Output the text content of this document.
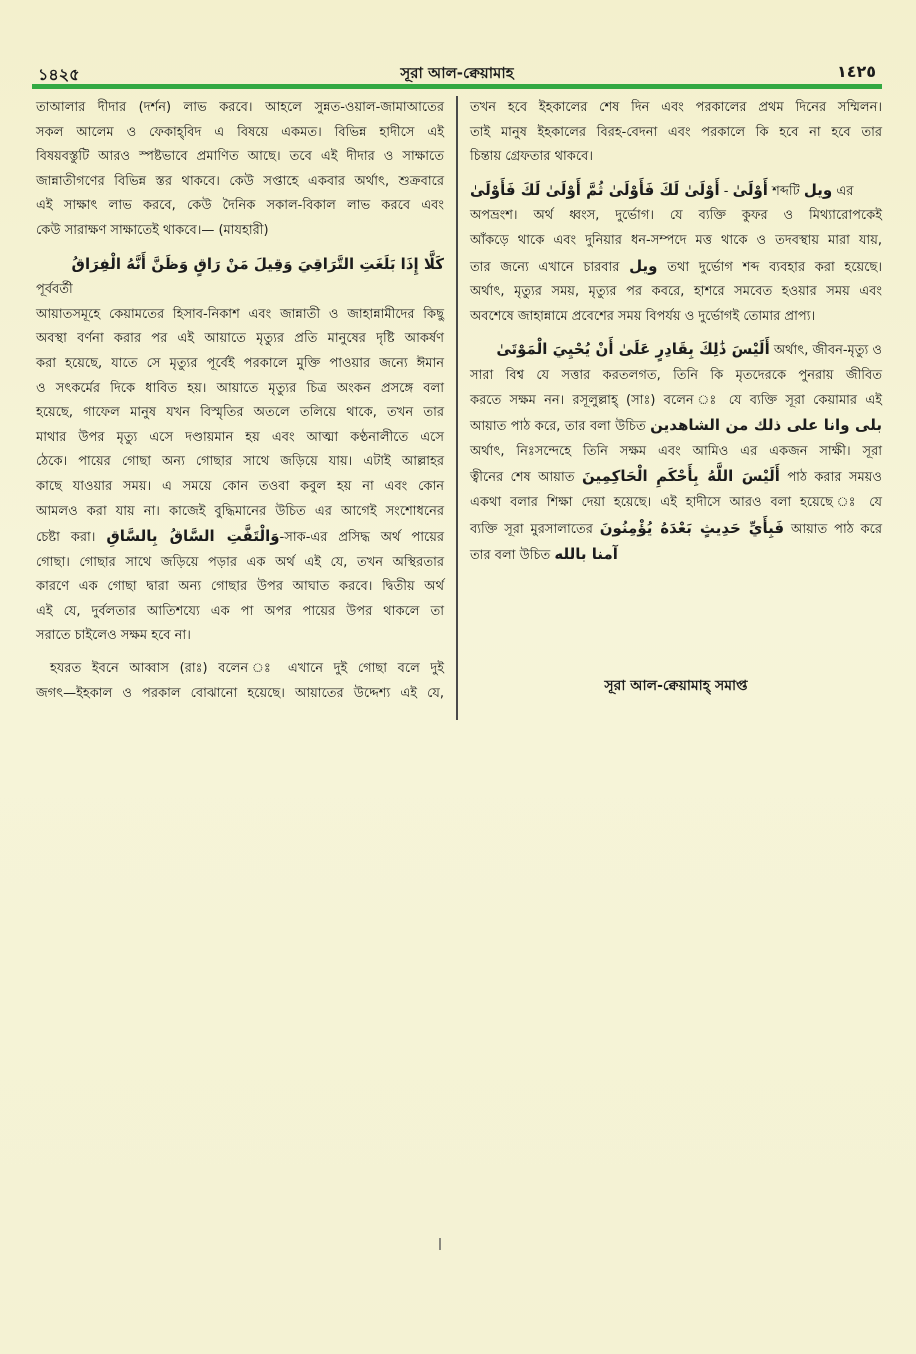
১৪২৫	সূরা আল-ক্বেয়ামাহ	١٤٢٥

তাআলার দীদার (দর্শন) লাভ করবে। আহলে সুন্নত-ওয়াল-জামাআতের

সকল আলেম ও ফেকাহ্‌বিদ এ বিষয়ে একমত। বিভিন্ন হাদীসে এই

বিষয়বস্তুটি আরও স্পষ্টভাবে প্রমাণিত আছে। তবে এই দীদার ও সাক্ষাতে

জান্নাতীগণের বিভিন্ন স্তর থাকবে। কেউ সপ্তাহে একবার অর্থাৎ, শুক্রবারে

এই সাক্ষাৎ লাভ করবে, কেউ দৈনিক সকাল-বিকাল লাভ করবে এবং

কেউ সারাক্ষণ সাক্ষাতেই থাকবে।— (মাযহারী)

كَلَّا إِذَا بَلَغَتِ التَّرَاقِيَ وَقِيلَ مَنْ رَاقٍ وَظَنَّ أَنَّهُ الْفِرَاقُ পূর্ববর্তী

আয়াতসমূহে কেয়ামতের হিসাব-নিকাশ এবং জান্নাতী ও জাহান্নামীদের কিছু

অবস্থা বর্ণনা করার পর এই আয়াতে মৃত্যুর প্রতি মানুষের দৃষ্টি আকর্ষণ

করা হয়েছে, যাতে সে মৃত্যুর পূর্বেই পরকালে মুক্তি পাওয়ার জন্যে ঈমান

ও সৎকর্মের দিকে ধাবিত হয়। আয়াতে মৃত্যুর চিত্র অংকন প্রসঙ্গে বলা

হয়েছে, গাফেল মানুষ যখন বিস্মৃতির অতলে তলিয়ে থাকে, তখন তার

মাথার উপর মৃত্যু এসে দণ্ডায়মান হয় এবং আত্মা কণ্ঠনালীতে এসে

ঠেকে। পায়ের গোছা অন্য গোছার সাথে জড়িয়ে যায়। এটাই আল্লাহর

কাছে যাওয়ার সময়। এ সময়ে কোন তওবা কবুল হয় না এবং কোন

আমলও করা যায় না। কাজেই বুদ্ধিমানের উচিত এর আগেই সংশোধনের

চেষ্টা করা। وَالْتَفَّتِ السَّاقُ بِالسَّاقِ-সাক-এর প্রসিদ্ধ অর্থ পায়ের

গোছা। গোছার সাথে জড়িয়ে পড়ার এক অর্থ এই যে, তখন অস্থিরতার

কারণে এক গোছা দ্বারা অন্য গোছার উপর আঘাত করবে। দ্বিতীয় অর্থ

এই যে, দুর্বলতার আতিশয্যে এক পা অপর পায়ের উপর থাকলে তা

সরাতে চাইলেও সক্ষম হবে না।

হযরত ইবনে আব্বাস (রাঃ) বলেন ঃ এখানে দুই গোছা বলে দুই

জগৎ—ইহকাল ও পরকাল বোঝানো হয়েছে। আয়াতের উদ্দেশ্য এই যে,

তখন হবে ইহকালের শেষ দিন এবং পরকালের প্রথম দিনের সম্মিলন।

তাই মানুষ ইহকালের বিরহ-বেদনা এবং পরকালে কি হবে না হবে তার

চিন্তায় গ্রেফতার থাকবে।

أَوْلَىٰ لَكَ فَأَوْلَىٰ ثُمَّ أَوْلَىٰ لَكَ فَأَوْلَىٰ - أَوْلَىٰ শব্দটি ويل এর

অপভ্রংশ। অর্থ ধ্বংস, দুর্ভোগ। যে ব্যক্তি কুফর ও মিথ্যারোপকেই

আঁকড়ে থাকে এবং দুনিয়ার ধন-সম্পদে মত্ত থাকে ও তদবস্থায় মারা যায়,

তার জন্যে এখানে চারবার ويل তথা দুর্ভোগ শব্দ ব্যবহার করা হয়েছে।

অর্থাৎ, মৃত্যুর সময়, মৃত্যুর পর কবরে, হাশরে সমবেত হওয়ার সময় এবং

অবশেষে জাহান্নামে প্রবেশের সময় বিপর্যয় ও দুর্ভোগই তোমার প্রাপ্য।

أَلَيْسَ ذَٰلِكَ بِقَادِرٍ عَلَىٰ أَنْ يُحْيِيَ الْمَوْتَىٰ অর্থাৎ, জীবন-মৃত্যু ও

সারা বিশ্ব যে সত্তার করতলগত, তিনি কি মৃতদেরকে পুনরায় জীবিত

করতে সক্ষম নন। রসূলুল্লাহ্‌ (সাঃ) বলেন ঃ যে ব্যক্তি সূরা কেয়ামার এই

আয়াত পাঠ করে, তার বলা উচিত بلى وانا على ذلك من الشاهدين

অর্থাৎ, নিঃসন্দেহে তিনি সক্ষম এবং আমিও এর একজন সাক্ষী। সূরা

ত্বীনের শেষ আয়াত أَلَيْسَ اللَّهُ بِأَحْكَمِ الْحَاكِمِينَ পাঠ করার সময়ও

একথা বলার শিক্ষা দেয়া হয়েছে। এই হাদীসে আরও বলা হয়েছে ঃ যে

ব্যক্তি সূরা মুরসালাতের فَبِأَيِّ حَدِيثٍ بَعْدَهُ يُؤْمِنُونَ আয়াত পাঠ করে

তার বলা উচিত آمنا بالله

সূরা আল-ক্বেয়ামাহ্ সমাপ্ত
